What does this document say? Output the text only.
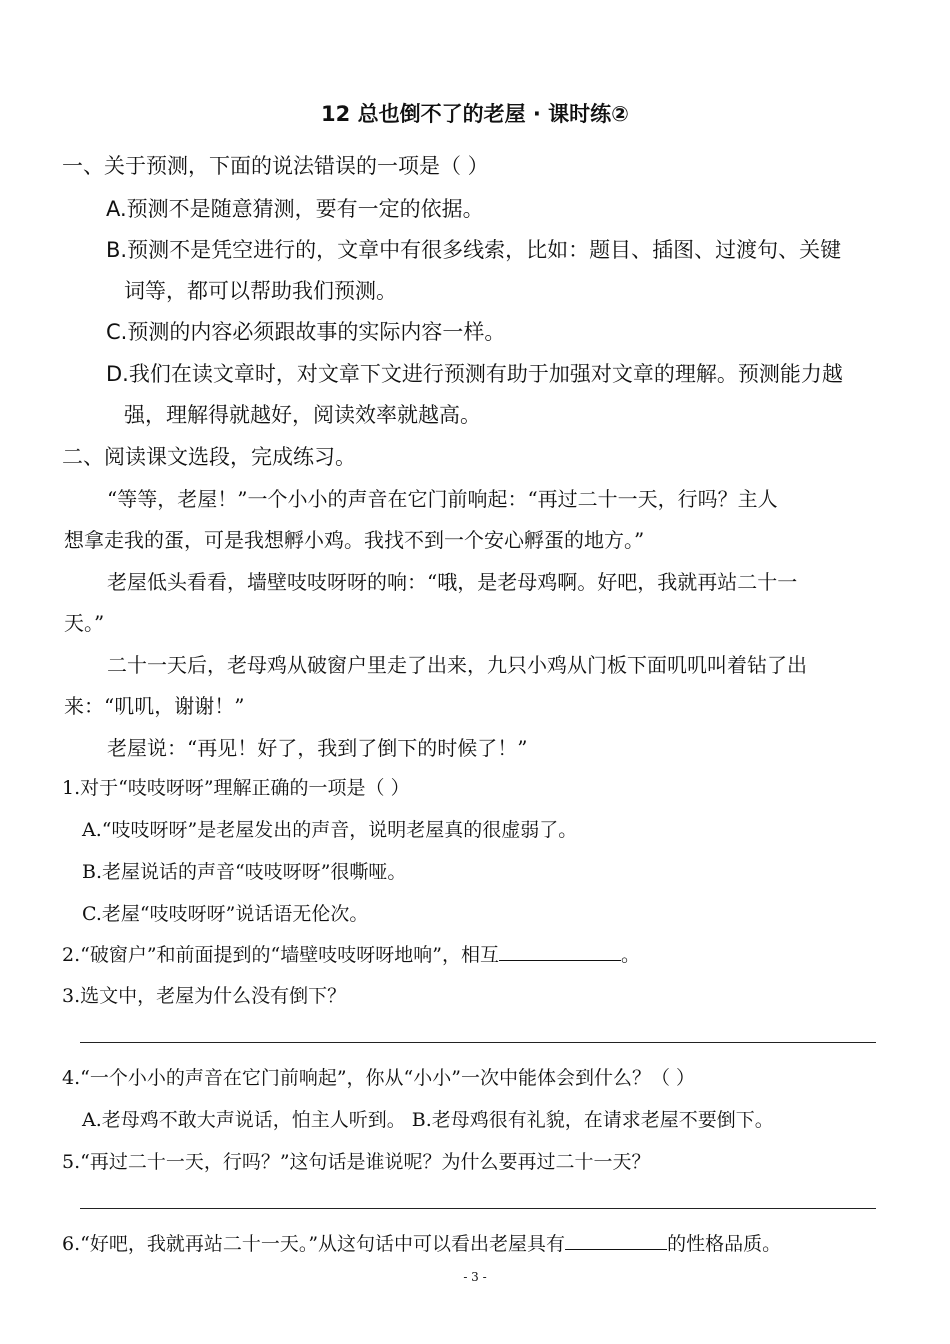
12 总也倒不了的老屋 · 课时练②
一、关于预测，下面的说法错误的一项是（ ）
A.预测不是随意猜测，要有一定的依据。
B.预测不是凭空进行的，文章中有很多线索，比如：题目、插图、过渡句、关键
词等，都可以帮助我们预测。
C.预测的内容必须跟故事的实际内容一样。
D.我们在读文章时，对文章下文进行预测有助于加强对文章的理解。预测能力越
强，理解得就越好，阅读效率就越高。
二、阅读课文选段，完成练习。
“等等，老屋！”一个小小的声音在它门前响起：“再过二十一天，行吗？主人
想拿走我的蛋，可是我想孵小鸡。我找不到一个安心孵蛋的地方。”
老屋低头看看，墙壁吱吱呀呀的响：“哦，是老母鸡啊。好吧，我就再站二十一
天。”
二十一天后，老母鸡从破窗户里走了出来，九只小鸡从门板下面叽叽叫着钻了出
来：“叽叽，谢谢！”
老屋说：“再见！好了，我到了倒下的时候了！”
1.对于“吱吱呀呀”理解正确的一项是（ ）
A.“吱吱呀呀”是老屋发出的声音，说明老屋真的很虚弱了。
B.老屋说话的声音“吱吱呀呀”很嘶哑。
C.老屋“吱吱呀呀”说话语无伦次。
2.“破窗户”和前面提到的“墙壁吱吱呀呀地响”，相互	。
3.选文中，老屋为什么没有倒下？
4.“一个小小的声音在它门前响起”，你从“小小”一次中能体会到什么？（ ）
A.老母鸡不敢大声说话，怕主人听到。 B.老母鸡很有礼貌，在请求老屋不要倒下。
5.“再过二十一天，行吗？”这句话是谁说呢？为什么要再过二十一天？
6.“好吧，我就再站二十一天。”从这句话中可以看出老屋具有	的性格品质。
- 3 -
